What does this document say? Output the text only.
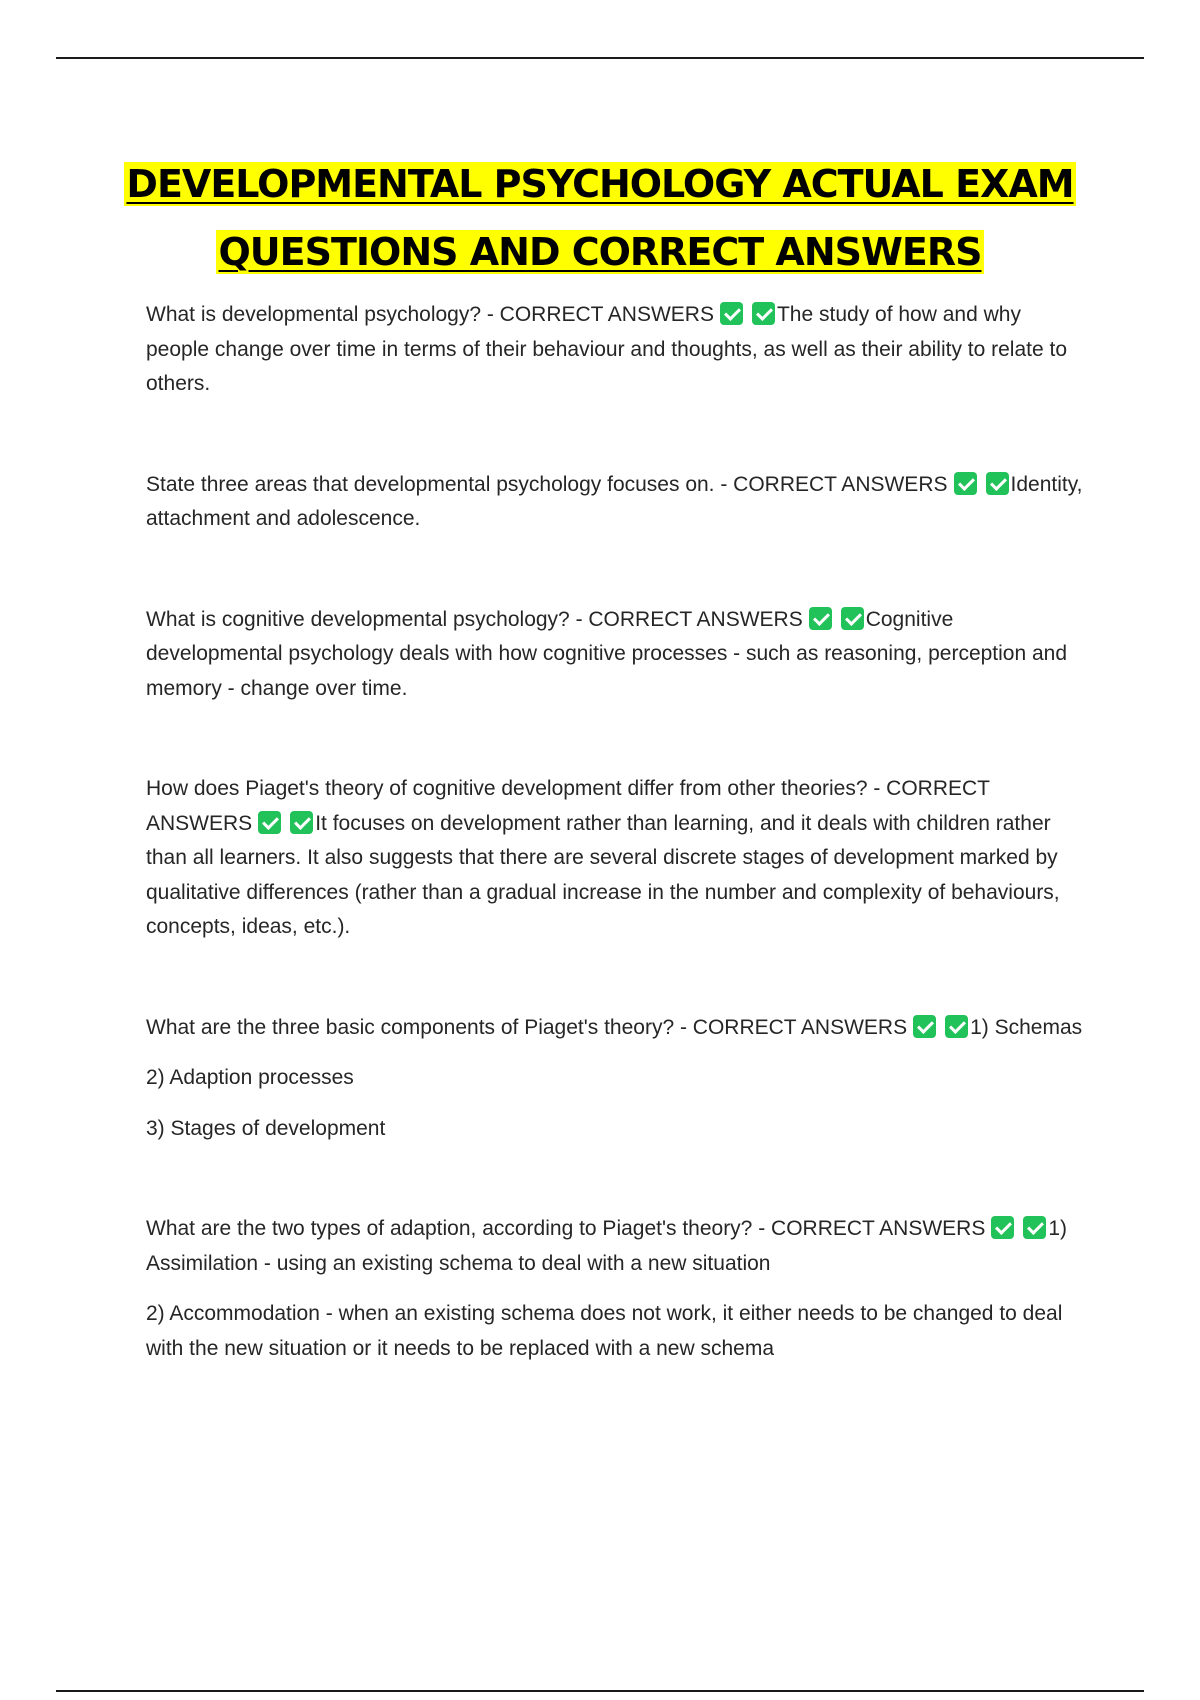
DEVELOPMENTAL PSYCHOLOGY ACTUAL EXAM
QUESTIONS AND CORRECT ANSWERS

What is developmental psychology? - CORRECT ANSWERS	The study of how and why people change over time in terms of their behaviour and thoughts, as well as their ability to relate to others.

State three areas that developmental psychology focuses on. - CORRECT ANSWERS	Identity, attachment and adolescence.

What is cognitive developmental psychology? - CORRECT ANSWERS	Cognitive developmental psychology deals with how cognitive processes - such as reasoning, perception and memory - change over time.

How does Piaget's theory of cognitive development differ from other theories? - CORRECT ANSWERS	It focuses on development rather than learning, and it deals with children rather than all learners. It also suggests that there are several discrete stages of development marked by qualitative differences (rather than a gradual increase in the number and complexity of behaviours, concepts, ideas, etc.).

What are the three basic components of Piaget's theory? - CORRECT ANSWERS	1) Schemas

2) Adaption processes

3) Stages of development

What are the two types of adaption, according to Piaget's theory? - CORRECT ANSWERS	1) Assimilation - using an existing schema to deal with a new situation

2) Accommodation - when an existing schema does not work, it either needs to be changed to deal with the new situation or it needs to be replaced with a new schema
